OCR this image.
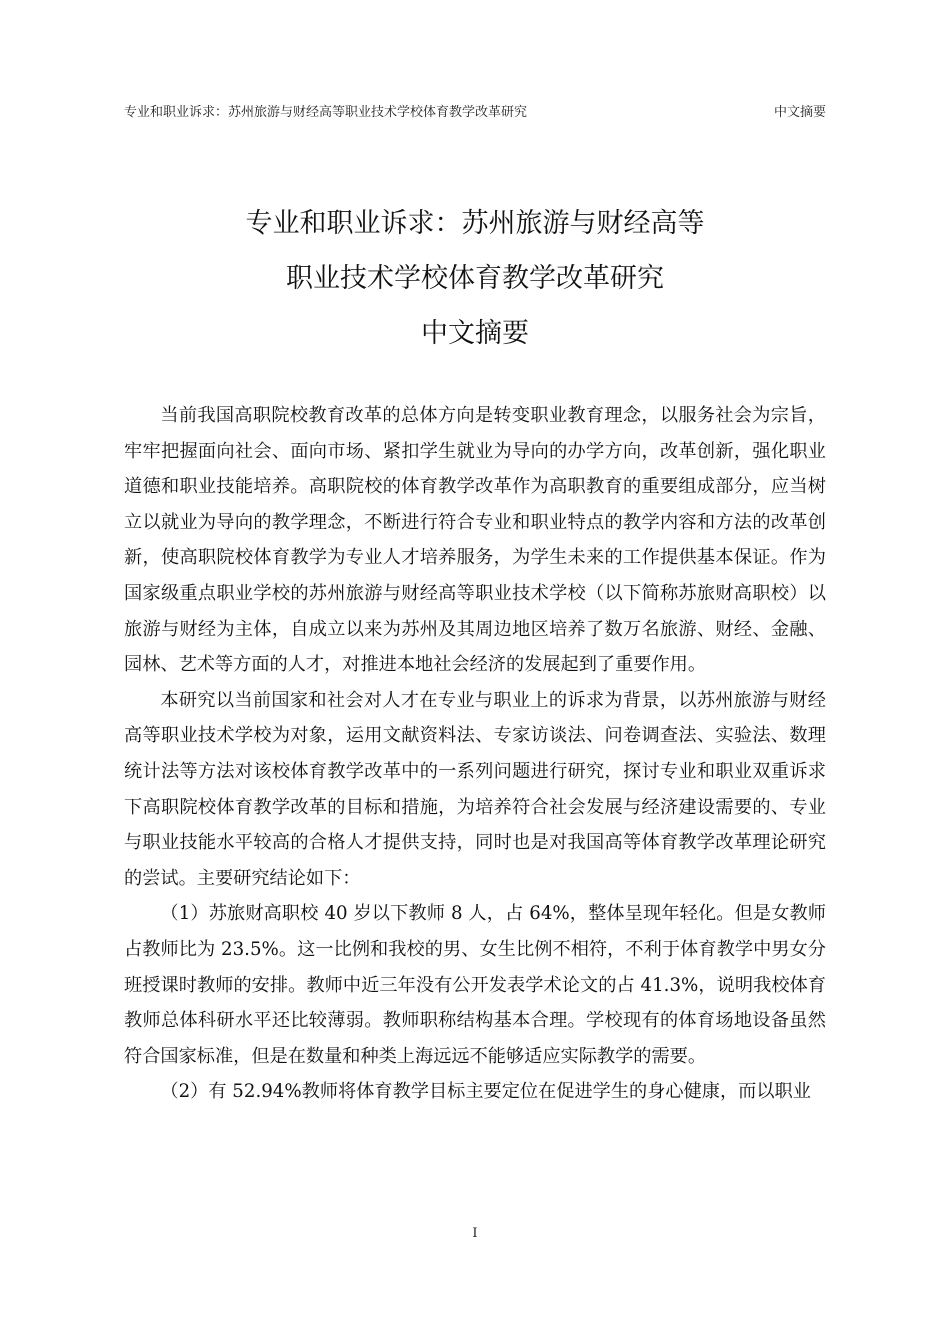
专业和职业诉求：苏州旅游与财经高等职业技术学校体育教学改革研究	中文摘要
专业和职业诉求：苏州旅游与财经高等
职业技术学校体育教学改革研究
中文摘要

当前我国高职院校教育改革的总体方向是转变职业教育理念，以服务社会为宗旨，牢牢把握面向社会、面向市场、紧扣学生就业为导向的办学方向，改革创新，强化职业道德和职业技能培养。高职院校的体育教学改革作为高职教育的重要组成部分，应当树立以就业为导向的教学理念，不断进行符合专业和职业特点的教学内容和方法的改革创新，使高职院校体育教学为专业人才培养服务，为学生未来的工作提供基本保证。作为国家级重点职业学校的苏州旅游与财经高等职业技术学校（以下简称苏旅财高职校）以旅游与财经为主体，自成立以来为苏州及其周边地区培养了数万名旅游、财经、金融、园林、艺术等方面的人才，对推进本地社会经济的发展起到了重要作用。

本研究以当前国家和社会对人才在专业与职业上的诉求为背景，以苏州旅游与财经高等职业技术学校为对象，运用文献资料法、专家访谈法、问卷调查法、实验法、数理统计法等方法对该校体育教学改革中的一系列问题进行研究，探讨专业和职业双重诉求下高职院校体育教学改革的目标和措施，为培养符合社会发展与经济建设需要的、专业与职业技能水平较高的合格人才提供支持，同时也是对我国高等体育教学改革理论研究的尝试。主要研究结论如下：

（1）苏旅财高职校 40 岁以下教师 8 人，占 64%，整体呈现年轻化。但是女教师占教师比为 23.5%。这一比例和我校的男、女生比例不相符，不利于体育教学中男女分班授课时教师的安排。教师中近三年没有公开发表学术论文的占 41.3%，说明我校体育教师总体科研水平还比较薄弱。教师职称结构基本合理。学校现有的体育场地设备虽然符合国家标准，但是在数量和种类上海远远不能够适应实际教学的需要。

（2）有 52.94%教师将体育教学目标主要定位在促进学生的身心健康，而以职业

I
